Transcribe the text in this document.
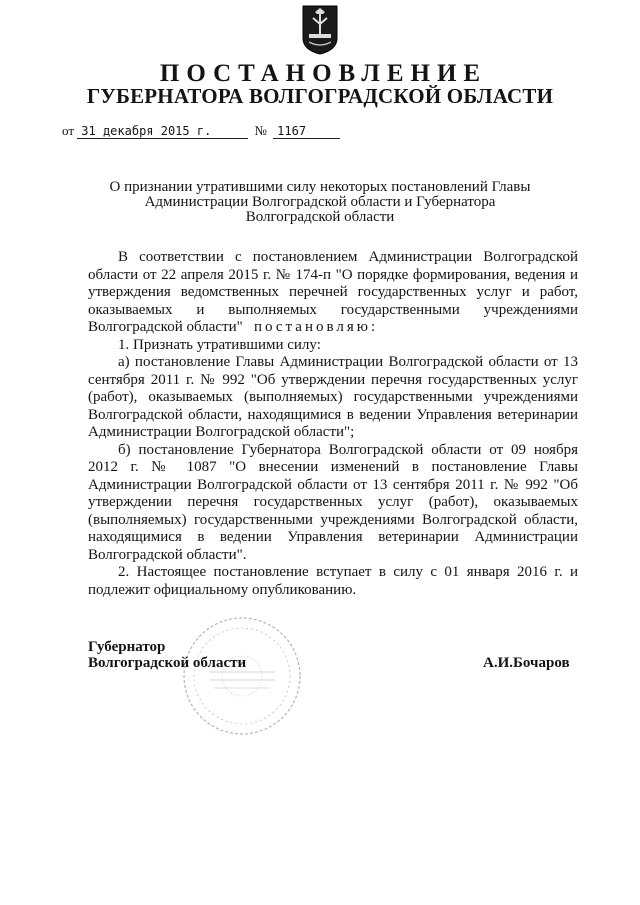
ПОСТАНОВЛЕНИЕ
ГУБЕРНАТОРА ВОЛГОГРАДСКОЙ ОБЛАСТИ
от 31 декабря 2015 г.	№ 1167
О признании утратившими силу некоторых постановлений Главы
Администрации Волгоградской области и Губернатора
Волгоградской области

В соответствии с постановлением Администрации Волгоградской области от 22 апреля 2015 г. № 174-п "О порядке формирования, ведения и утверждения ведомственных перечней государственных услуг и работ, оказываемых и выполняемых государственными учреждениями Волгоградской области" постановляю:

1. Признать утратившими силу:

а) постановление Главы Администрации Волгоградской области от 13 сентября 2011 г. № 992 "Об утверждении перечня государственных услуг (работ), оказываемых (выполняемых) государственными учреждениями Волгоградской области, находящимися в ведении Управления ветеринарии Администрации Волгоградской области";

б) постановление Губернатора Волгоградской области от 09 ноября 2012 г. № 1087 "О внесении изменений в постановление Главы Администрации Волгоградской области от 13 сентября 2011 г. № 992 "Об утверждении перечня государственных услуг (работ), оказываемых (выполняемых) государственными учреждениями Волгоградской области, находящимися в ведении Управления ветеринарии Администрации Волгоградской области".

2. Настоящее постановление вступает в силу с 01 января 2016 г. и подлежит официальному опубликованию.

Губернатор
Волгоградской области	А.И.Бочаров
